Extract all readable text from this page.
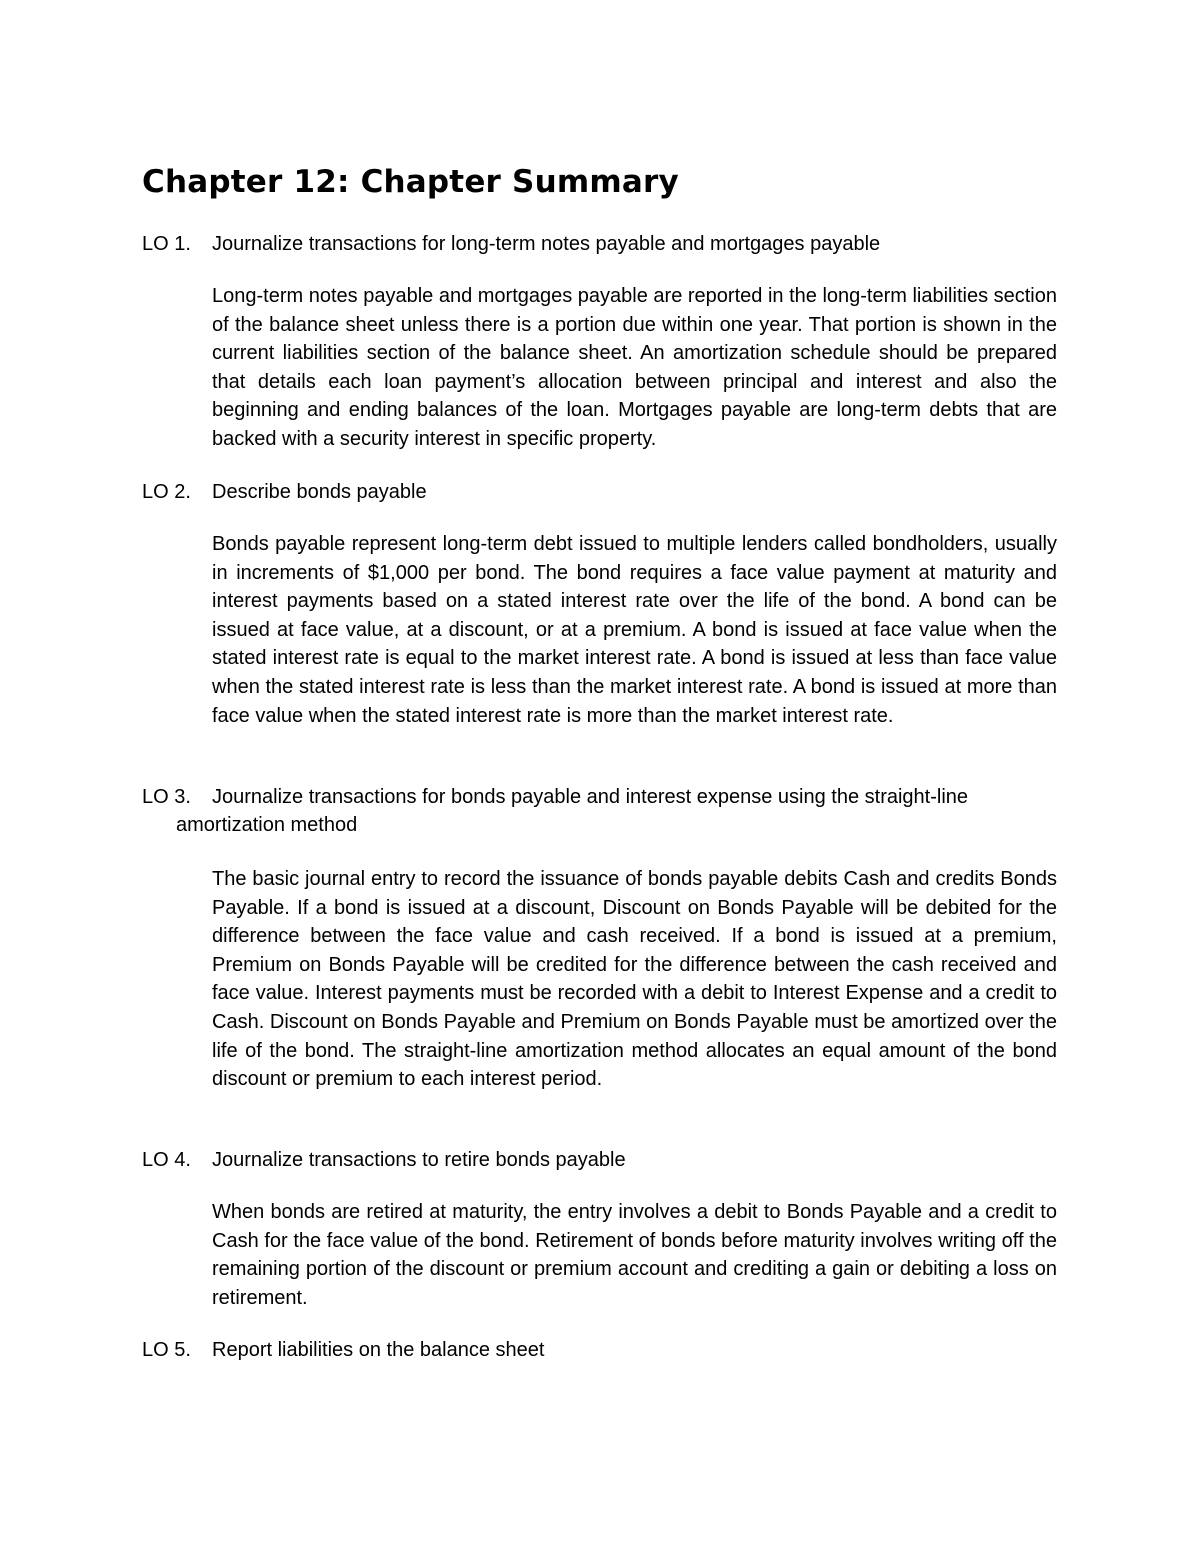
Chapter 12: Chapter Summary
LO 1. Journalize transactions for long-term notes payable and mortgages payable

Long-term notes payable and mortgages payable are reported in the long-term liabilities section of the balance sheet unless there is a portion due within one year. That portion is shown in the current liabilities section of the balance sheet. An amortization schedule should be prepared that details each loan payment’s allocation between principal and interest and also the beginning and ending balances of the loan. Mortgages payable are long-term debts that are backed with a security interest in specific property.

LO 2. Describe bonds payable

Bonds payable represent long-term debt issued to multiple lenders called bondholders, usually in increments of $1,000 per bond. The bond requires a face value payment at maturity and interest payments based on a stated interest rate over the life of the bond. A bond can be issued at face value, at a discount, or at a premium. A bond is issued at face value when the stated interest rate is equal to the market interest rate. A bond is issued at less than face value when the stated interest rate is less than the market interest rate. A bond is issued at more than face value when the stated interest rate is more than the market interest rate.

LO 3. Journalize transactions for bonds payable and interest expense using the straight-line
amortization method

The basic journal entry to record the issuance of bonds payable debits Cash and credits Bonds Payable. If a bond is issued at a discount, Discount on Bonds Payable will be debited for the difference between the face value and cash received. If a bond is issued at a premium, Premium on Bonds Payable will be credited for the difference between the cash received and face value. Interest payments must be recorded with a debit to Interest Expense and a credit to Cash. Discount on Bonds Payable and Premium on Bonds Payable must be amortized over the life of the bond. The straight-line amortization method allocates an equal amount of the bond discount or premium to each interest period.

LO 4. Journalize transactions to retire bonds payable

When bonds are retired at maturity, the entry involves a debit to Bonds Payable and a credit to Cash for the face value of the bond. Retirement of bonds before maturity involves writing off the remaining portion of the discount or premium account and crediting a gain or debiting a loss on retirement.

LO 5. Report liabilities on the balance sheet
